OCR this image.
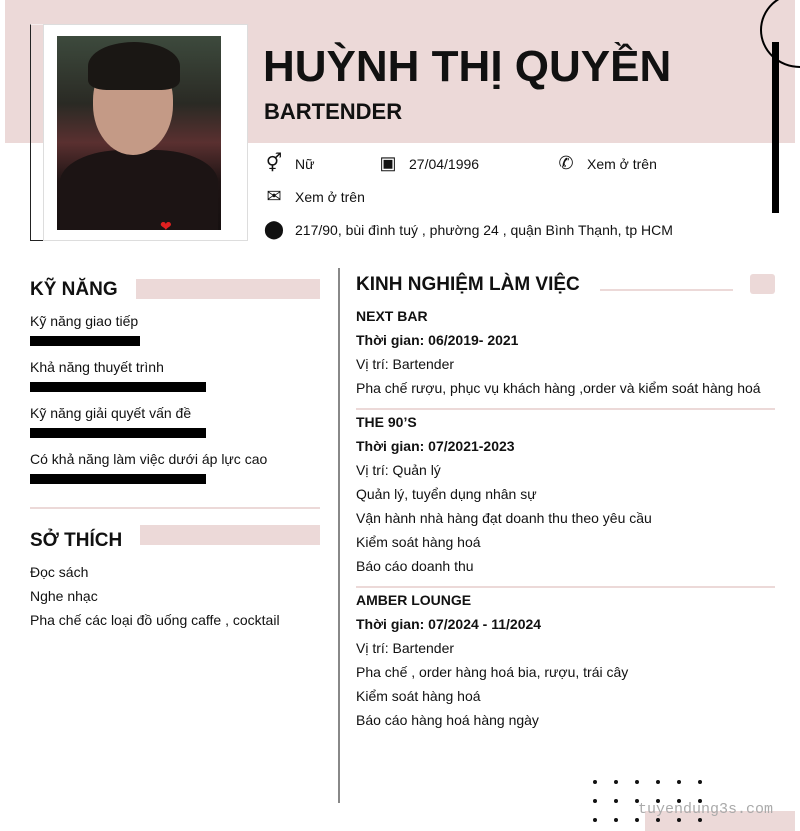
❤
HUỲNH THỊ QUYỀN
BARTENDER
⚥ Nữ	▣ 27/04/1996	✆ Xem ở trên
✉ Xem ở trên
⬤ 217/90, bùi đình tuý , phường 24 , quận Bình Thạnh, tp HCM
KỸ NĂNG
Kỹ năng giao tiếp
Khả năng thuyết trình
Kỹ năng giải quyết vấn đề
Có khả năng làm việc dưới áp lực cao
SỞ THÍCH
Đọc sách
Nghe nhạc
Pha chế các loại đồ uống caffe , cocktail
KINH NGHIỆM LÀM VIỆC
NEXT BAR
Thời gian: 06/2019- 2021
Vị trí: Bartender
Pha chế rượu, phục vụ khách hàng ,order và kiểm soát hàng hoá
THE 90’S
Thời gian: 07/2021-2023
Vị trí: Quản lý
Quản lý, tuyển dụng nhân sự
Vận hành nhà hàng đạt doanh thu theo yêu cầu
Kiểm soát hàng hoá
Báo cáo doanh thu
AMBER LOUNGE
Thời gian: 07/2024 - 11/2024
Vị trí: Bartender
Pha chế , order hàng hoá bia, rượu, trái cây
Kiểm soát hàng hoá
Báo cáo hàng hoá hàng ngày
tuyendung3s.com
